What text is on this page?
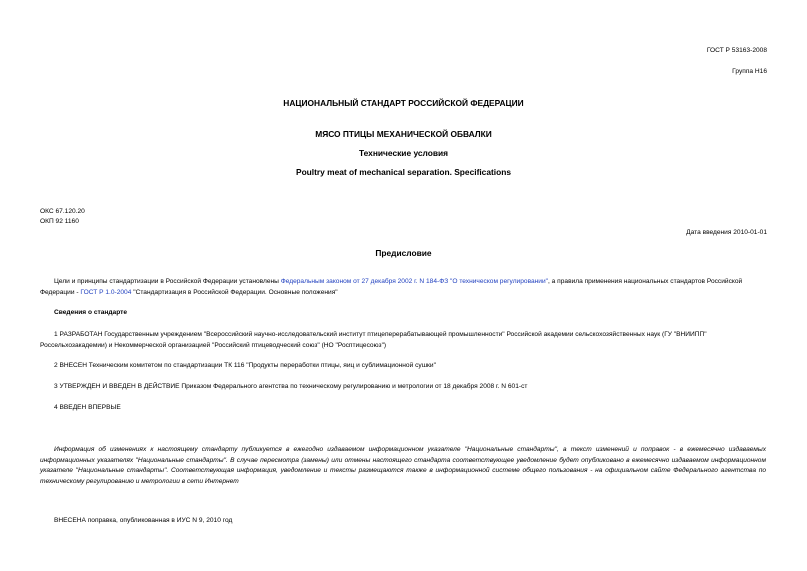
ГОСТ Р 53163-2008
Группа Н16
НАЦИОНАЛЬНЫЙ СТАНДАРТ РОССИЙСКОЙ ФЕДЕРАЦИИ
МЯСО ПТИЦЫ МЕХАНИЧЕСКОЙ ОБВАЛКИ
Технические условия
Poultry meat of mechanical separation. Specifications
ОКС 67.120.20
ОКП 92 1160
Дата введения 2010-01-01
Предисловие
Цели и принципы стандартизации в Российской Федерации установлены Федеральным законом от 27 декабря 2002 г. N 184-ФЗ "О техническом регулировании", а правила применения национальных стандартов Российской Федерации - ГОСТ Р 1.0-2004 "Стандартизация в Российской Федерации. Основные положения"
Сведения о стандарте
1 РАЗРАБОТАН Государственным учреждением "Всероссийский научно-исследовательский институт птицеперерабатывающей промышленности" Российской академии сельскохозяйственных наук (ГУ "ВНИИПП" Россельхозакадемии) и Некоммерческой организацией "Российский птицеводческий союз" (НО "Росптицесоюз")
2 ВНЕСЕН Техническим комитетом по стандартизации ТК 116 "Продукты переработки птицы, яиц и сублимационной сушки"
3 УТВЕРЖДЕН И ВВЕДЕН В ДЕЙСТВИЕ Приказом Федерального агентства по техническому регулированию и метрологии от 18 декабря 2008 г. N 601-ст
4 ВВЕДЕН ВПЕРВЫЕ
Информация об изменениях к настоящему стандарту публикуется в ежегодно издаваемом информационном указателе "Национальные стандарты", а текст изменений и поправок - в ежемесячно издаваемых информационных указателях "Национальные стандарты". В случае пересмотра (замены) или отмены настоящего стандарта соответствующее уведомление будет опубликовано в ежемесячно издаваемом информационном указателе "Национальные стандарты". Соответствующая информация, уведомление и тексты размещаются также в информационной системе общего пользования - на официальном сайте Федерального агентства по техническому регулированию и метрологии в сети Интернет
ВНЕСЕНА поправка, опубликованная в ИУС N 9, 2010 год
